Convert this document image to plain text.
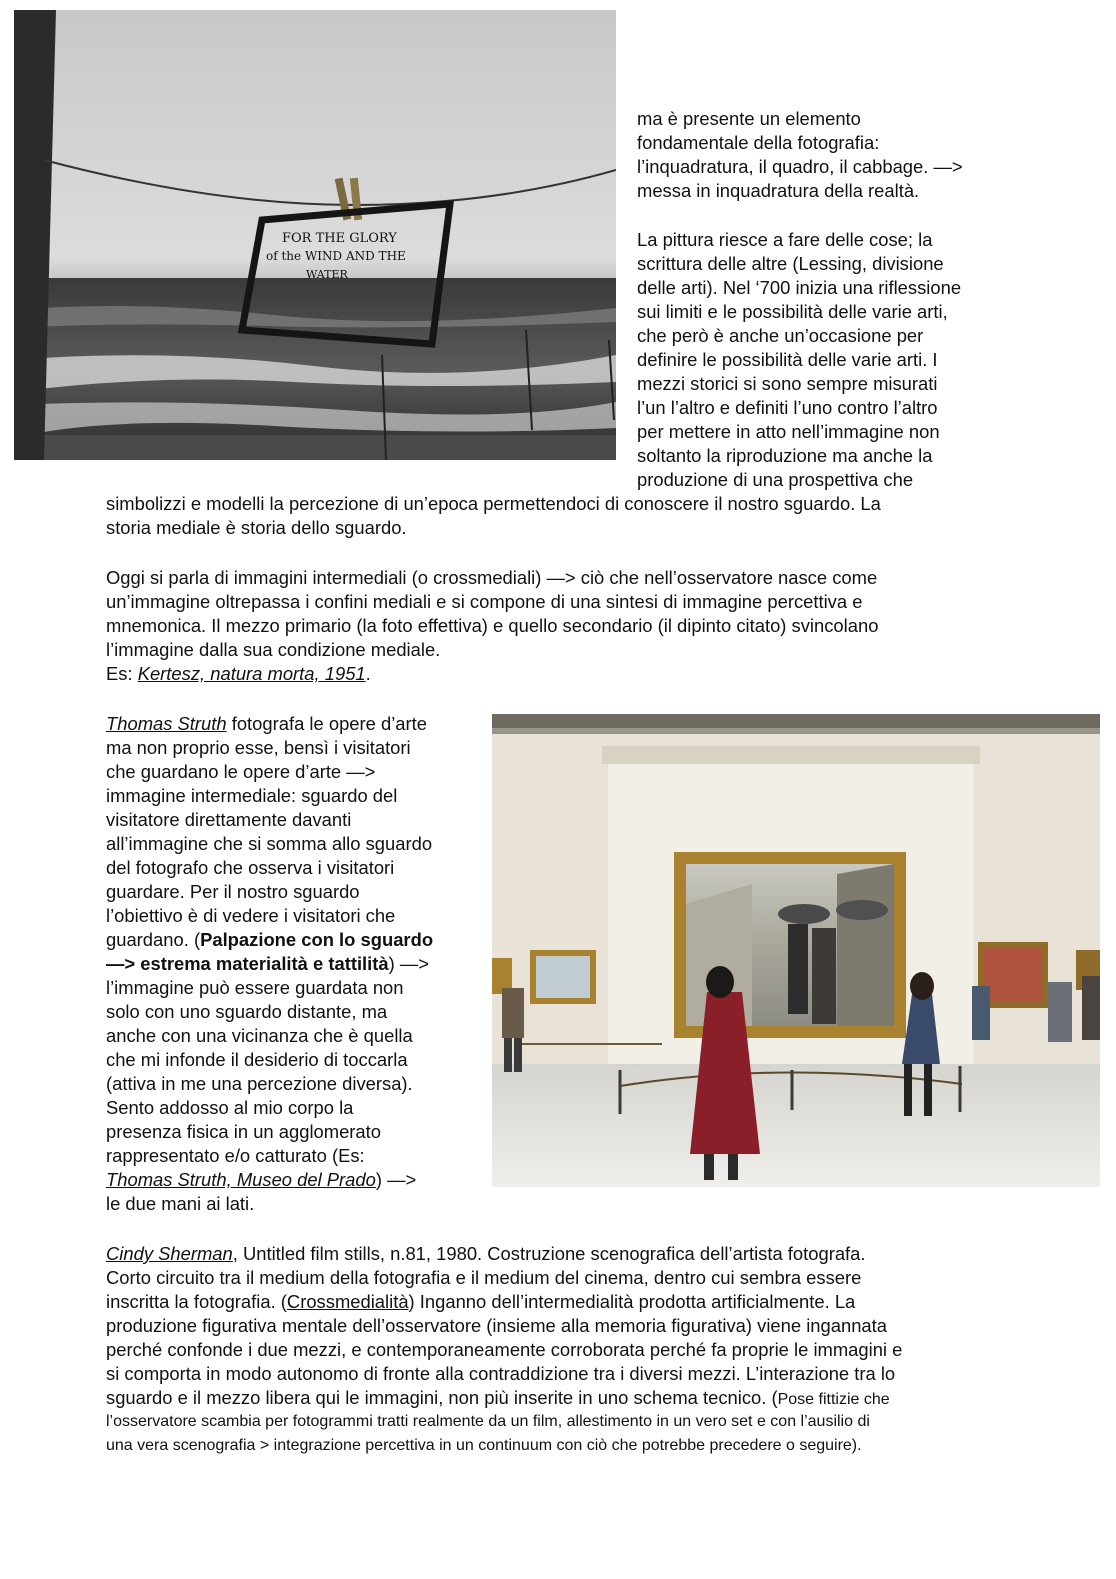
FOR THE GLORY
of the WIND AND THE
WATER
ma è presente un elemento
fondamentale della fotografia:
l’inquadratura, il quadro, il cabbage. —>
messa in inquadratura della realtà.
La pittura riesce a fare delle cose; la
scrittura delle altre (Lessing, divisione
delle arti). Nel ‘700 inizia una riflessione
sui limiti e le possibilità delle varie arti,
che però è anche un’occasione per
definire le possibilità delle varie arti. I
mezzi storici si sono sempre misurati
l’un l’altro e definiti l’uno contro l’altro
per mettere in atto nell’immagine non
soltanto la riproduzione ma anche la
produzione di una prospettiva che
simbolizzi e modelli la percezione di un’epoca permettendoci di conoscere il nostro sguardo. La
storia mediale è storia dello sguardo.
Oggi si parla di immagini intermediali (o crossmediali) —> ciò che nell’osservatore nasce come
un’immagine oltrepassa i confini mediali e si compone di una sintesi di immagine percettiva e
mnemonica. Il mezzo primario (la foto effettiva) e quello secondario (il dipinto citato) svincolano
l’immagine dalla sua condizione mediale.
Es: Kertesz, natura morta, 1951.
Thomas Struth fotografa le opere d’arte
ma non proprio esse, bensì i visitatori
che guardano le opere d’arte —>
immagine intermediale: sguardo del
visitatore direttamente davanti
all’immagine che si somma allo sguardo
del fotografo che osserva i visitatori
guardare. Per il nostro sguardo
l’obiettivo è di vedere i visitatori che
guardano. (Palpazione con lo sguardo
—> estrema materialità e tattilità) —>
l’immagine può essere guardata non
solo con uno sguardo distante, ma
anche con una vicinanza che è quella
che mi infonde il desiderio di toccarla
(attiva in me una percezione diversa).
Sento addosso al mio corpo la
presenza fisica in un agglomerato
rappresentato e/o catturato (Es:
Thomas Struth, Museo del Prado) —>
le due mani ai lati.
Cindy Sherman, Untitled film stills, n.81, 1980. Costruzione scenografica dell’artista fotografa.
Corto circuito tra il medium della fotografia e il medium del cinema, dentro cui sembra essere
inscritta la fotografia. (Crossmedialità) Inganno dell’intermedialità prodotta artificialmente. La
produzione figurativa mentale dell’osservatore (insieme alla memoria figurativa) viene ingannata
perché confonde i due mezzi, e contemporaneamente corroborata perché fa proprie le immagini e
si comporta in modo autonomo di fronte alla contraddizione tra i diversi mezzi. L’interazione tra lo
sguardo e il mezzo libera qui le immagini, non più inserite in uno schema tecnico. (Pose fittizie che
l’osservatore scambia per fotogrammi tratti realmente da un film, allestimento in un vero set e con l’ausilio di
una vera scenografia > integrazione percettiva in un continuum con ciò che potrebbe precedere o seguire).
